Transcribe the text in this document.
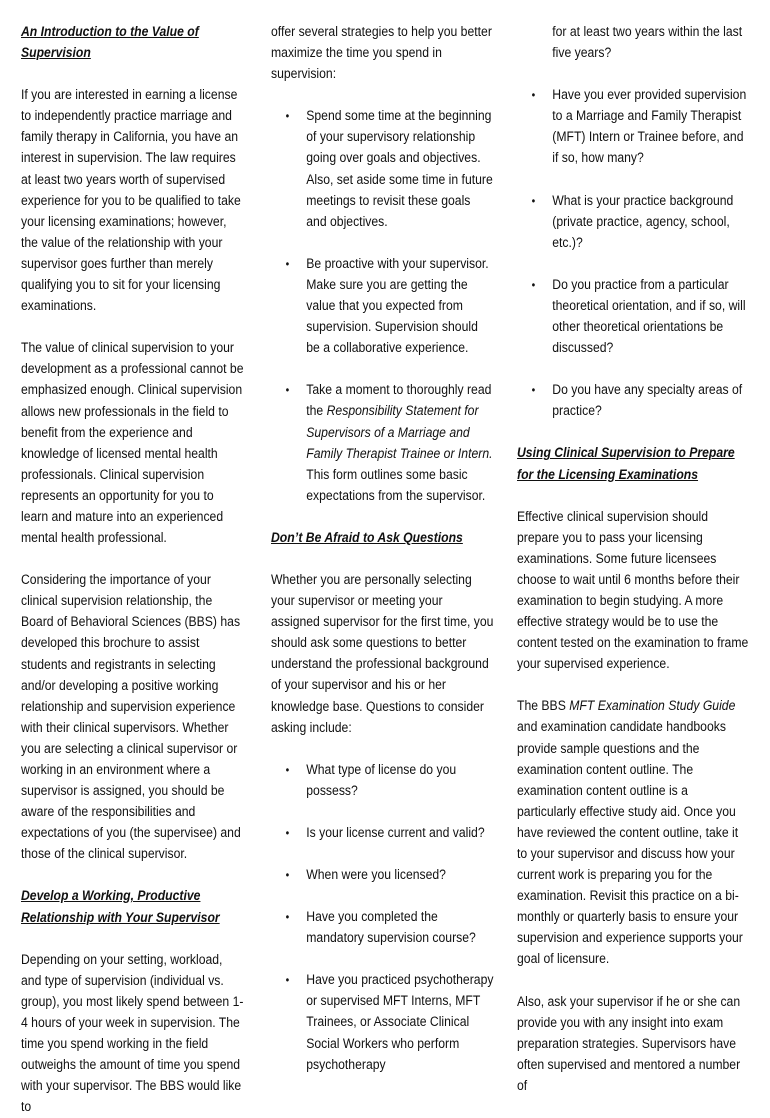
An Introduction to the Value of Supervision

If you are interested in earning a license to independently practice marriage and family therapy in California, you have an interest in supervision. The law requires at least two years worth of supervised experience for you to be qualified to take your licensing examinations; however, the value of the relationship with your supervisor goes further than merely qualifying you to sit for your licensing examinations.

The value of clinical supervision to your development as a professional cannot be emphasized enough. Clinical supervision allows new professionals in the field to benefit from the experience and knowledge of licensed mental health professionals. Clinical supervision represents an opportunity for you to learn and mature into an experienced mental health professional.

Considering the importance of your clinical supervision relationship, the Board of Behavioral Sciences (BBS) has developed this brochure to assist students and registrants in selecting and/or developing a positive working relationship and supervision experience with their clinical supervisors. Whether you are selecting a clinical supervisor or working in an environment where a supervisor is assigned, you should be aware of the responsibilities and expectations of you (the supervisee) and those of the clinical supervisor.

Develop a Working, Productive Relationship with Your Supervisor

Depending on your setting, workload, and type of supervision (individual vs. group), you most likely spend between 1-4 hours of your week in supervision. The time you spend working in the field outweighs the amount of time you spend with your supervisor. The BBS would like to

offer several strategies to help you better maximize the time you spend in supervision:

• Spend some time at the beginning of your supervisory relationship going over goals and objectives. Also, set aside some time in future meetings to revisit these goals and objectives.
• Be proactive with your supervisor. Make sure you are getting the value that you expected from supervision. Supervision should be a collaborative experience.
• Take a moment to thoroughly read the Responsibility Statement for Supervisors of a Marriage and Family Therapist Trainee or Intern. This form outlines some basic expectations from the supervisor.
Don’t Be Afraid to Ask Questions

Whether you are personally selecting your supervisor or meeting your assigned supervisor for the first time, you should ask some questions to better understand the professional background of your supervisor and his or her knowledge base. Questions to consider asking include:

• What type of license do you possess?
• Is your license current and valid?
• When were you licensed?
• Have you completed the mandatory supervision course?
• Have you practiced psychotherapy or supervised MFT Interns, MFT Trainees, or Associate Clinical Social Workers who perform psychotherapy
for at least two years within the last five years?
• Have you ever provided supervision to a Marriage and Family Therapist (MFT) Intern or Trainee before, and if so, how many?
• What is your practice background (private practice, agency, school, etc.)?
• Do you practice from a particular theoretical orientation, and if so, will other theoretical orientations be discussed?
• Do you have any specialty areas of practice?
Using Clinical Supervision to Prepare for the Licensing Examinations

Effective clinical supervision should prepare you to pass your licensing examinations. Some future licensees choose to wait until 6 months before their examination to begin studying. A more effective strategy would be to use the content tested on the examination to frame your supervised experience.

The BBS MFT Examination Study Guide and examination candidate handbooks provide sample questions and the examination content outline. The examination content outline is a particularly effective study aid. Once you have reviewed the content outline, take it to your supervisor and discuss how your current work is preparing you for the examination. Revisit this practice on a bi-monthly or quarterly basis to ensure your supervision and experience supports your goal of licensure.

Also, ask your supervisor if he or she can provide you with any insight into exam preparation strategies. Supervisors have often supervised and mentored a number of
